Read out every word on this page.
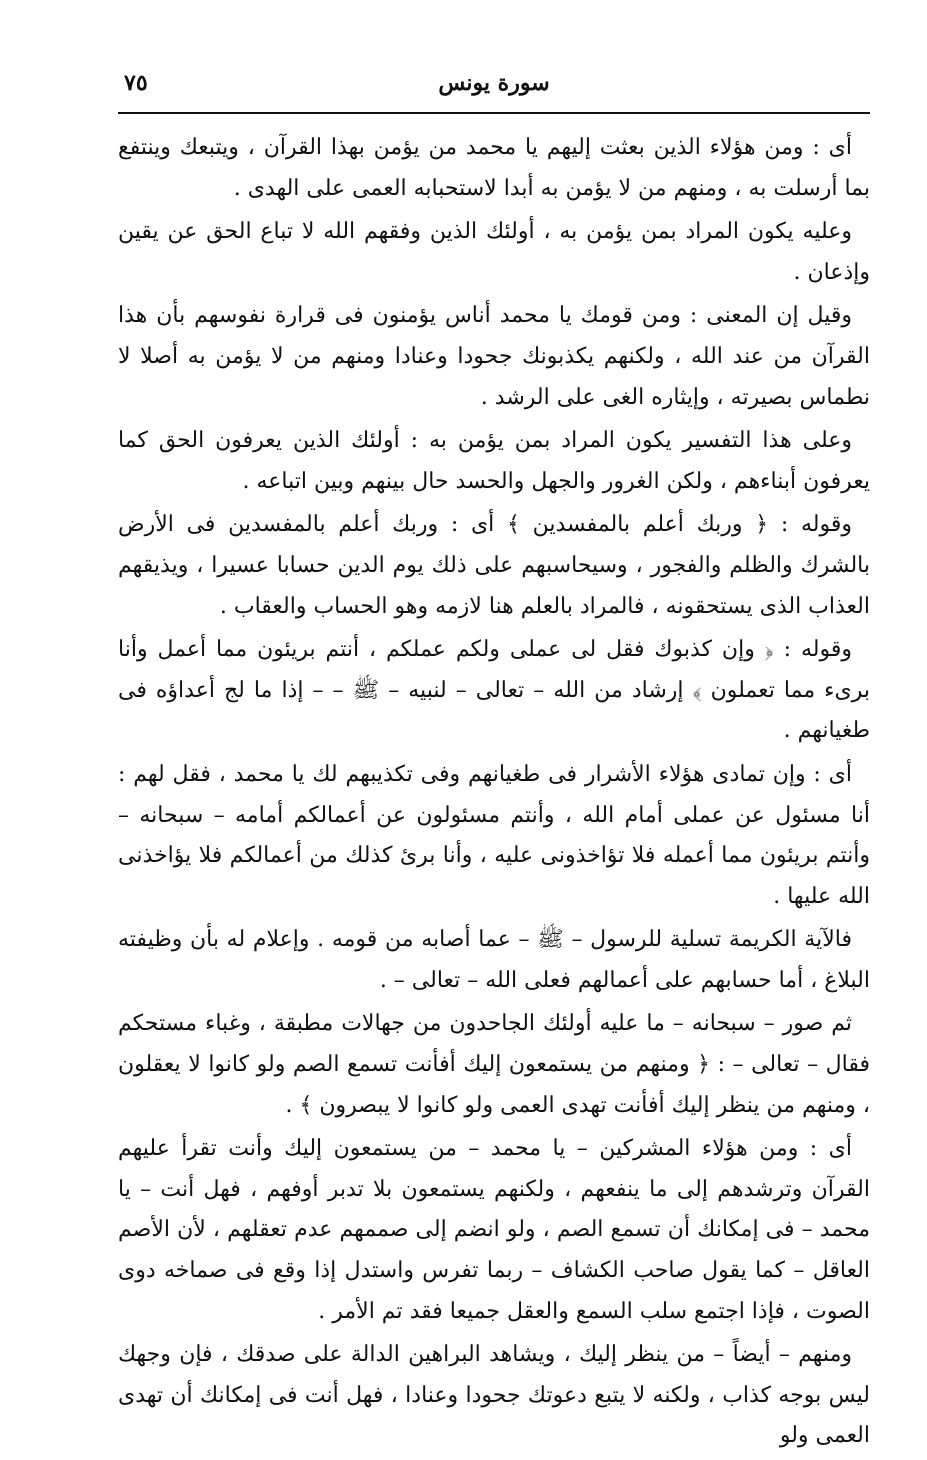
٧٥	سورة يونس

أى : ومن هؤلاء الذين بعثت إليهم يا محمد من يؤمن بهذا القرآن ، ويتبعك وينتفع بما أرسلت به ، ومنهم من لا يؤمن به أبدا لاستحبابه العمى على الهدى .

وعليه يكون المراد بمن يؤمن به ، أولئك الذين وفقهم الله لا تباع الحق عن يقين وإذعان .

وقيل إن المعنى : ومن قومك يا محمد أناس يؤمنون فى قرارة نفوسهم بأن هذا القرآن من عند الله ، ولكنهم يكذبونك جحودا وعنادا ومنهم من لا يؤمن به أصلا لا نطماس بصيرته ، وإيثاره الغى على الرشد .

وعلى هذا التفسير يكون المراد بمن يؤمن به : أولئك الذين يعرفون الحق كما يعرفون أبناءهم ، ولكن الغرور والجهل والحسد حال بينهم وبين اتباعه .

وقوله : ﴿ وربك أعلم بالمفسدين ﴾ أى : وربك أعلم بالمفسدين فى الأرض بالشرك والظلم والفجور ، وسيحاسبهم على ذلك يوم الدين حسابا عسيرا ، ويذيقهم العذاب الذى يستحقونه ، فالمراد بالعلم هنا لازمه وهو الحساب والعقاب .

وقوله : ﴿ وإن كذبوك فقل لى عملى ولكم عملكم ، أنتم بريئون مما أعمل وأنا برىء مما تعملون ﴾ إرشاد من الله – تعالى – لنبيه – ﷺ – – إذا ما لج أعداؤه فى طغيانهم .

أى : وإن تمادى هؤلاء الأشرار فى طغيانهم وفى تكذيبهم لك يا محمد ، فقل لهم : أنا مسئول عن عملى أمام الله ، وأنتم مسئولون عن أعمالكم أمامه – سبحانه – وأنتم بريئون مما أعمله فلا تؤاخذونى عليه ، وأنا برئ كذلك من أعمالكم فلا يؤاخذنى الله عليها .

فالآية الكريمة تسلية للرسول – ﷺ – عما أصابه من قومه . وإعلام له بأن وظيفته البلاغ ، أما حسابهم على أعمالهم فعلى الله – تعالى – .

ثم صور – سبحانه – ما عليه أولئك الجاحدون من جهالات مطبقة ، وغباء مستحكم فقال – تعالى – : ﴿ ومنهم من يستمعون إليك أفأنت تسمع الصم ولو كانوا لا يعقلون ، ومنهم من ينظر إليك أفأنت تهدى العمى ولو كانوا لا يبصرون ﴾ .

أى : ومن هؤلاء المشركين – يا محمد – من يستمعون إليك وأنت تقرأ عليهم القرآن وترشدهم إلى ما ينفعهم ، ولكنهم يستمعون بلا تدبر أوفهم ، فهل أنت – يا محمد – فى إمكانك أن تسمع الصم ، ولو انضم إلى صممهم عدم تعقلهم ، لأن الأصم العاقل – كما يقول صاحب الكشاف – ربما تفرس واستدل إذا وقع فى صماخه دوى الصوت ، فإذا اجتمع سلب السمع والعقل جميعا فقد تم الأمر .

ومنهم – أيضاً – من ينظر إليك ، ويشاهد البراهين الدالة على صدقك ، فإن وجهك ليس بوجه كذاب ، ولكنه لا يتبع دعوتك جحودا وعنادا ، فهل أنت فى إمكانك أن تهدى العمى ولو
